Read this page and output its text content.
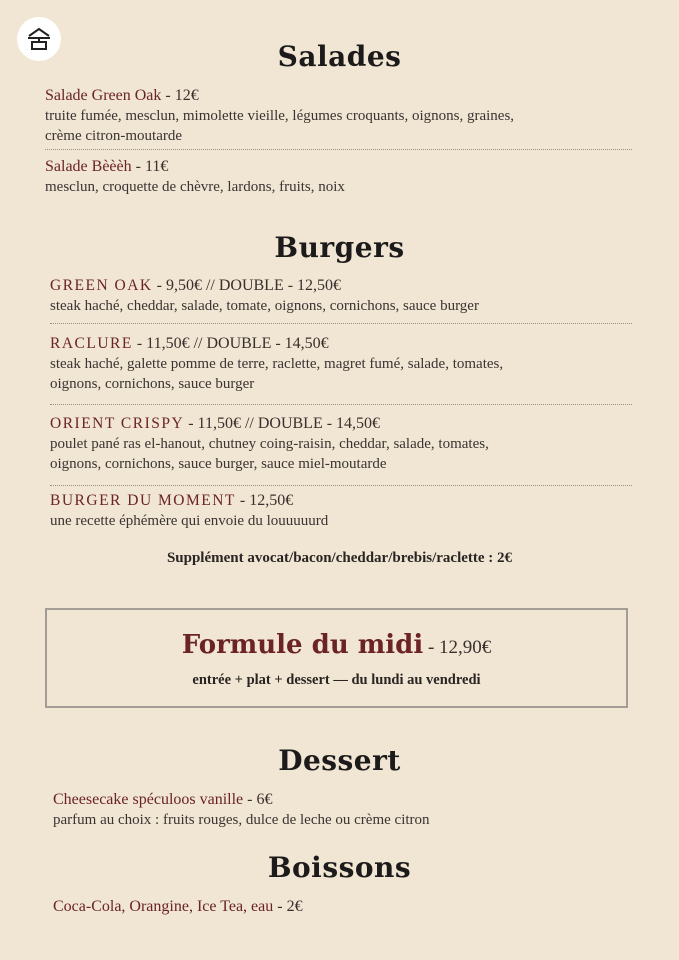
Salades
Salade Green Oak - 12€
truite fumée, mesclun, mimolette vieille, légumes croquants, oignons, graines,
crème citron-moutarde
Salade Bèèèh - 11€
mesclun, croquette de chèvre, lardons, fruits, noix
Burgers
GREEN OAK - 9,50€ // DOUBLE - 12,50€
steak haché, cheddar, salade, tomate, oignons, cornichons, sauce burger
RACLURE - 11,50€ // DOUBLE - 14,50€
steak haché, galette pomme de terre, raclette, magret fumé, salade, tomates,
oignons, cornichons, sauce burger
ORIENT CRISPY - 11,50€ // DOUBLE - 14,50€
poulet pané ras el-hanout, chutney coing-raisin, cheddar, salade, tomates,
oignons, cornichons, sauce burger, sauce miel-moutarde
BURGER DU MOMENT - 12,50€
une recette éphémère qui envoie du louuuuurd
Supplément avocat/bacon/cheddar/brebis/raclette : 2€
Formule du midi - 12,90€
entrée + plat + dessert — du lundi au vendredi
Dessert
Cheesecake spéculoos vanille - 6€
parfum au choix : fruits rouges, dulce de leche ou crème citron
Boissons
Coca-Cola, Orangine, Ice Tea, eau - 2€
